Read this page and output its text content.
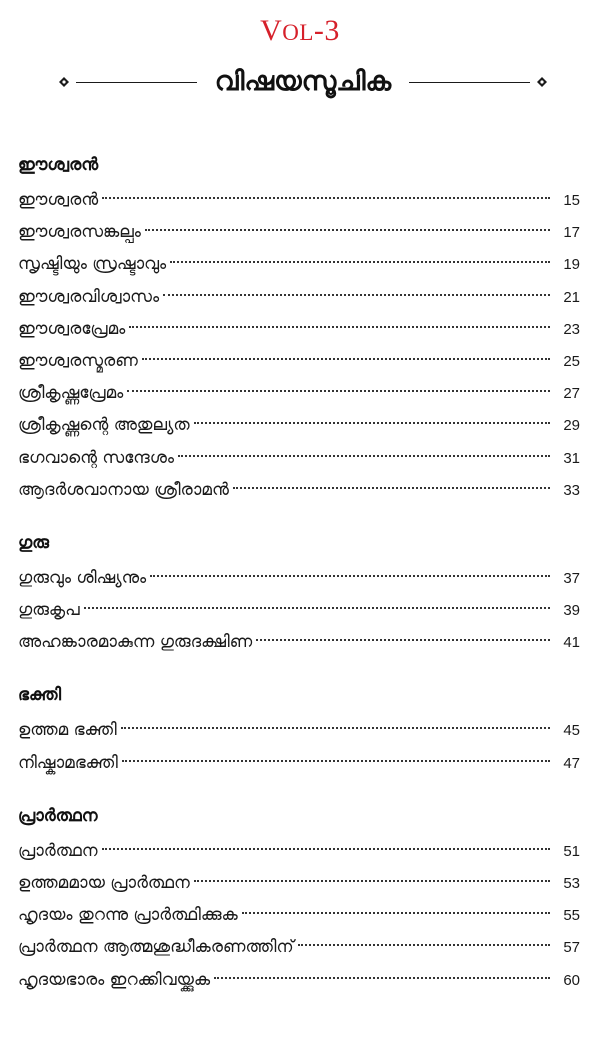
VOL-3
വിഷയസൂചിക
ഈശ്വരൻ
ഈശ്വരൻ	15
ഈശ്വരസങ്കല്പം	17
സൃഷ്ടിയും സ്രഷ്ടാവും	19
ഈശ്വരവിശ്വാസം	21
ഈശ്വരപ്രേമം	23
ഈശ്വരസ്മരണ	25
ശ്രീകൃഷ്ണപ്രേമം	27
ശ്രീകൃഷ്ണന്റെ അതുല്യത	29
ഭഗവാന്റെ സന്ദേശം	31
ആദർശവാനായ ശ്രീരാമൻ	33
ഗുരു
ഗുരുവും ശിഷ്യനും	37
ഗുരുകൃപ	39
അഹങ്കാരമാകുന്ന ഗുരുദക്ഷിണ	41
ഭക്തി
ഉത്തമ ഭക്തി	45
നിഷ്കാമഭക്തി	47
പ്രാർത്ഥന
പ്രാർത്ഥന	51
ഉത്തമമായ പ്രാർത്ഥന	53
ഹൃദയം തുറന്നു പ്രാർത്ഥിക്കുക	55
പ്രാർത്ഥന ആത്മശുദ്ധീകരണത്തിന്	57
ഹൃദയഭാരം ഇറക്കിവയ്ക്കുക	60
